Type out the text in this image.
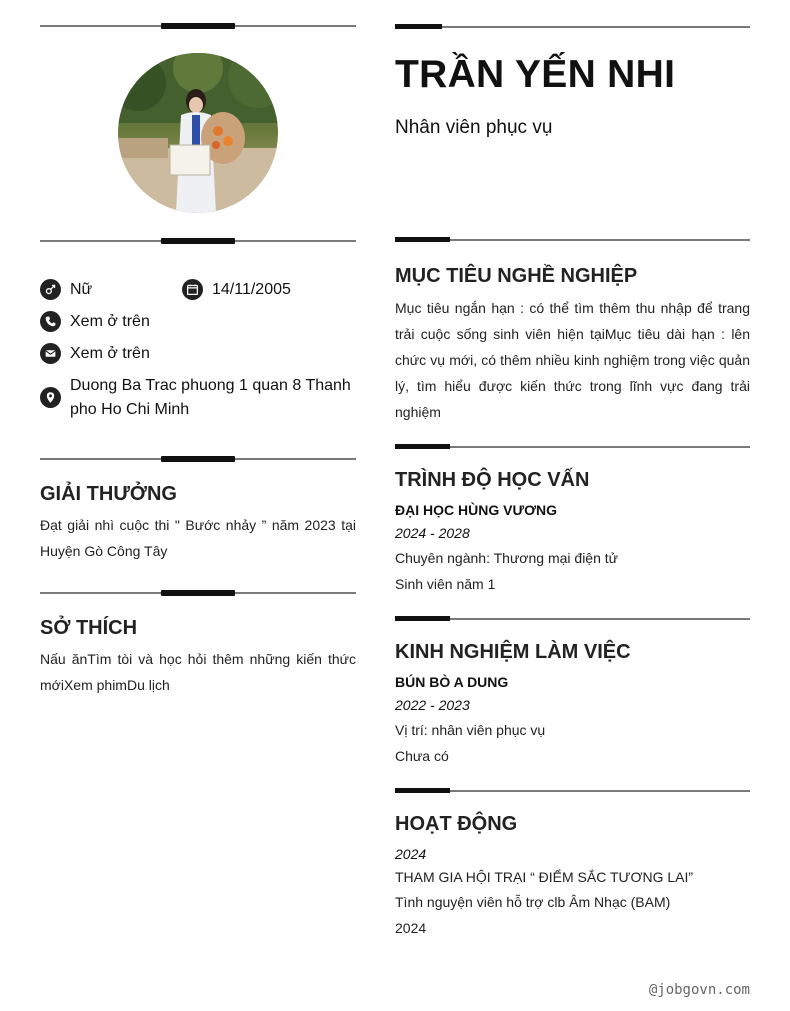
Nữ	14/11/2005
Xem ở trên
Xem ở trên
Duong Ba Trac phuong 1 quan 8 Thanh pho Ho Chi Minh
GIẢI THƯỞNG
Đạt giải nhì cuộc thi " Bước nhảy ” năm 2023 tại Huyện Gò Công Tây
SỞ THÍCH
Nấu ănTìm tòi và học hỏi thêm những kiến thức mớiXem phimDu lịch
TRẦN YẾN NHI
Nhân viên phục vụ
MỤC TIÊU NGHỀ NGHIỆP
Mục tiêu ngắn hạn : có thể tìm thêm thu nhập để trang trải cuộc sống sinh viên hiện tạiMục tiêu dài hạn : lên chức vụ mới, có thêm nhiều kinh nghiệm trong việc quản lý, tìm hiểu được kiến thức trong lĩnh vực đang trải nghiệm
TRÌNH ĐỘ HỌC VẤN
ĐẠI HỌC HÙNG VƯƠNG
2024 - 2028
Chuyên ngành: Thương mại điện tử
Sinh viên năm 1
KINH NGHIỆM LÀM VIỆC
BÚN BÒ A DUNG
2022 - 2023
Vị trí: nhân viên phục vụ
Chưa có
HOẠT ĐỘNG
2024
THAM GIA HỘI TRẠI “ ĐIỂM SẮC TƯƠNG LAI”
Tình nguyện viên hỗ trợ clb Âm Nhạc (BAM)
2024
@jobgovn.com
